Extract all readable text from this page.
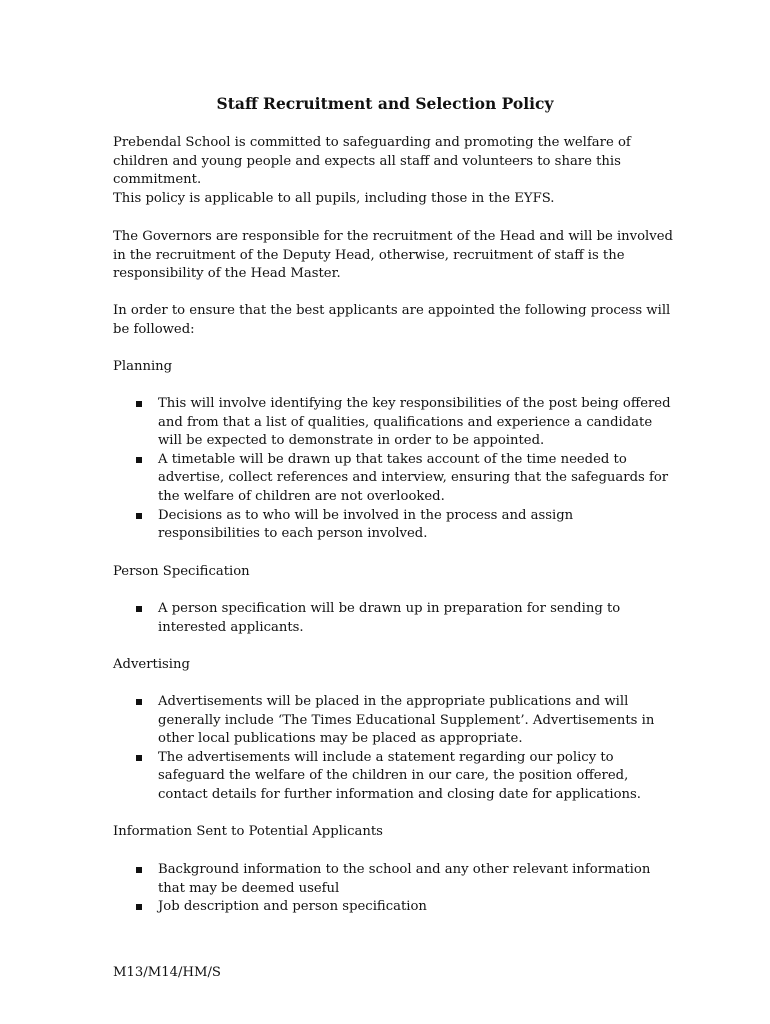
Staff Recruitment and Selection Policy

Prebendal School is committed to safeguarding and promoting the welfare of children and young people and expects all staff and volunteers to share this commitment.

This policy is applicable to all pupils, including those in the EYFS.

The Governors are responsible for the recruitment of the Head and will be involved in the recruitment of the Deputy Head, otherwise, recruitment of staff is the responsibility of the Head Master.

In order to ensure that the best applicants are appointed the following process will be followed:

Planning

This will involve identifying the key responsibilities of the post being offered and from that a list of qualities, qualifications and experience a candidate will be expected to demonstrate in order to be appointed.
A timetable will be drawn up that takes account of the time needed to advertise, collect references and interview, ensuring that the safeguards for the welfare of children are not overlooked.
Decisions as to who will be involved in the process and assign responsibilities to each person involved.

Person Specification

A person specification will be drawn up in preparation for sending to interested applicants.

Advertising

Advertisements will be placed in the appropriate publications and will generally include ‘The Times Educational Supplement’. Advertisements in other local publications may be placed as appropriate.
The advertisements will include a statement regarding our policy to safeguard the welfare of the children in our care, the position offered, contact details for further information and closing date for applications.

Information Sent to Potential Applicants

Background information to the school and any other relevant information that may be deemed useful
Job description and person specification
M13/M14/HM/S
